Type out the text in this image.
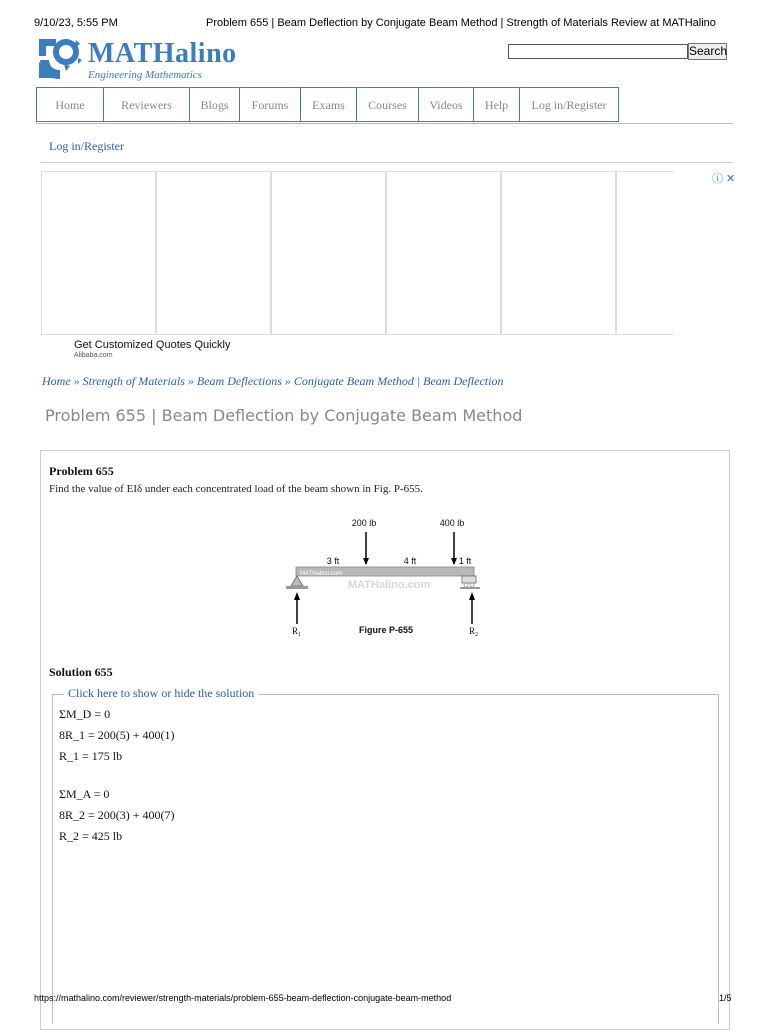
9/10/23, 5:55 PM	Problem 655 | Beam Deflection by Conjugate Beam Method | Strength of Materials Review at MATHalino
MATHalino
Engineering Mathematics
Search
Home	Reviewers	Blogs	Forums	Exams	Courses	Videos	Help	Log in/Register
Log in/Register
ⓘ ✕
Get Customized Quotes Quickly
Alibaba.com
Home » Strength of Materials » Beam Deflections » Conjugate Beam Method | Beam Deflection
Problem 655 | Beam Deflection by Conjugate Beam Method
Problem 655
Find the value of EIδ under each concentrated load of the beam shown in Fig. P-655.
200 lb	400 lb
3 ft	4 ft	1 ft
MATHalino.com
MATHalino.com
$R_1$	$R_2$
Figure P-655
Solution 655
Click here to show or hide the solution
ΣM_D = 0
8R_1 = 200(5) + 400(1)
R_1 = 175 lb
ΣM_A = 0
8R_2 = 200(3) + 400(7)
R_2 = 425 lb
https://mathalino.com/reviewer/strength-materials/problem-655-beam-deflection-conjugate-beam-method	1/5
